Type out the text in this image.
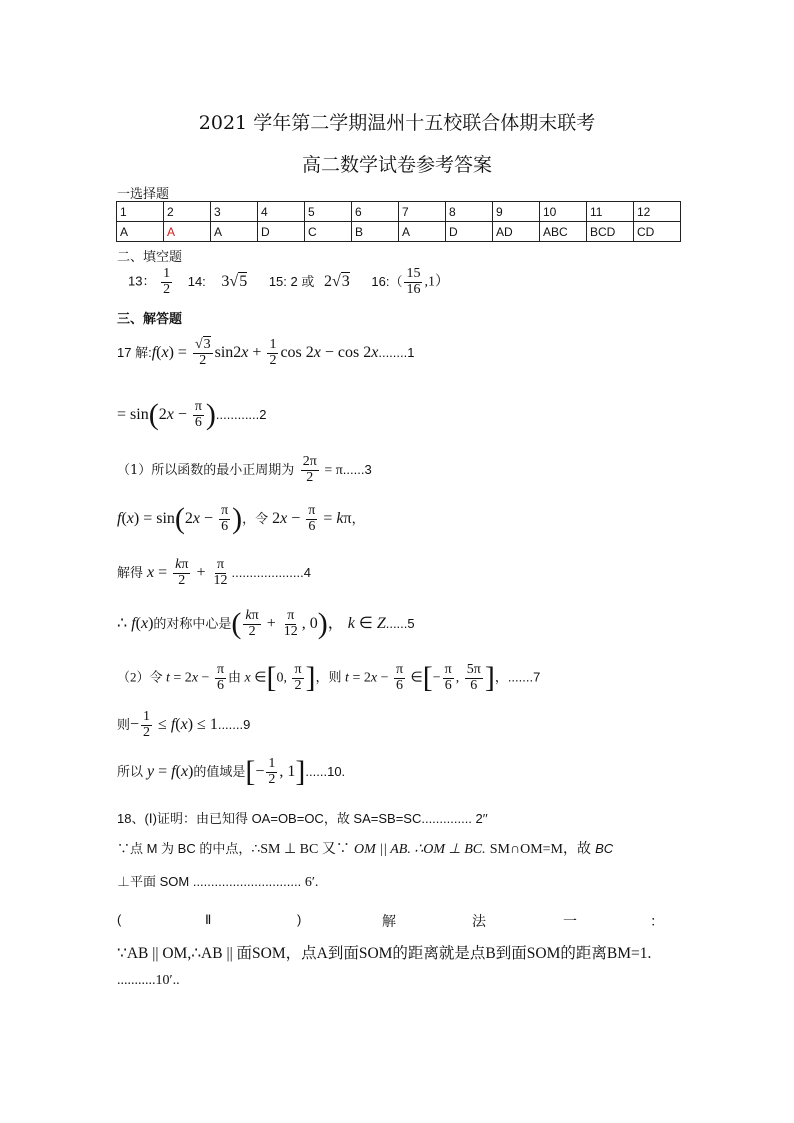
2021 学年第二学期温州十五校联合体期末联考
高二数学试卷参考答案
一选择题
1	2	3	4	5	6	7	8	9	10	11	12
A	A	A	D	C	B	A	D	AD	ABC	BCD	CD
二、填空题
13： $\frac{1}{2} 14$: 3√5 15: 2 或 2√3 16:（ $\frac{15}{16} ,1$）
三、解答题
17 解:f(x) = $\frac{√3}{2} \sin 2x + \frac{1}{2}$ cos 2x − cos 2x........1
= $\sin(2x - \frac{\pi}{6} )............2$
（1）所以函数的最小正周期为 $\frac{2\pi}{2} = \pi......3$
$f(x) = \sin(2x - \frac{\pi}{6}$ )，令 $2x - \frac{\pi}{6} = k\pi$，
解得 $x = \frac{k\pi}{2} + \frac{\pi}{12} ....................4$
∴ f(x)的对称中心是( $\frac{k\pi}{2} + \frac{\pi}{12}$ , 0)， k ∈ Z......5
（2）令 $t = 2x - \frac{\pi}{6}$ 由 x ∈[0, $\frac{\pi}{2}$ ]，则 $t = 2x - \frac{\pi}{6}$ ∈[− $\frac{\pi}{6}$ , $\frac{5\pi}{6}$ ]，.......7
则− $\frac{1}{2} \le f(x) \le 1.......9$
所以 y = f(x)的值域是[− $\frac{1}{2}$ , 1]......10.
18、(Ⅰ)证明：由已知得 OA=OB=OC，故 SA=SB=SC.............. 2′′
∵点 M 为 BC 的中点，∴SM ⊥ BC 又∵ OM || AB. ∴OM ⊥ BC. SM∩OM=M，故 BC
⊥平面 SOM .............................. 6′.
(	Ⅱ	)	解	法	一	：
∵AB || OM,∴AB || 面SOM，点A到面SOM的距离就是点B到面SOM的距离BM=1.
...........10′..
